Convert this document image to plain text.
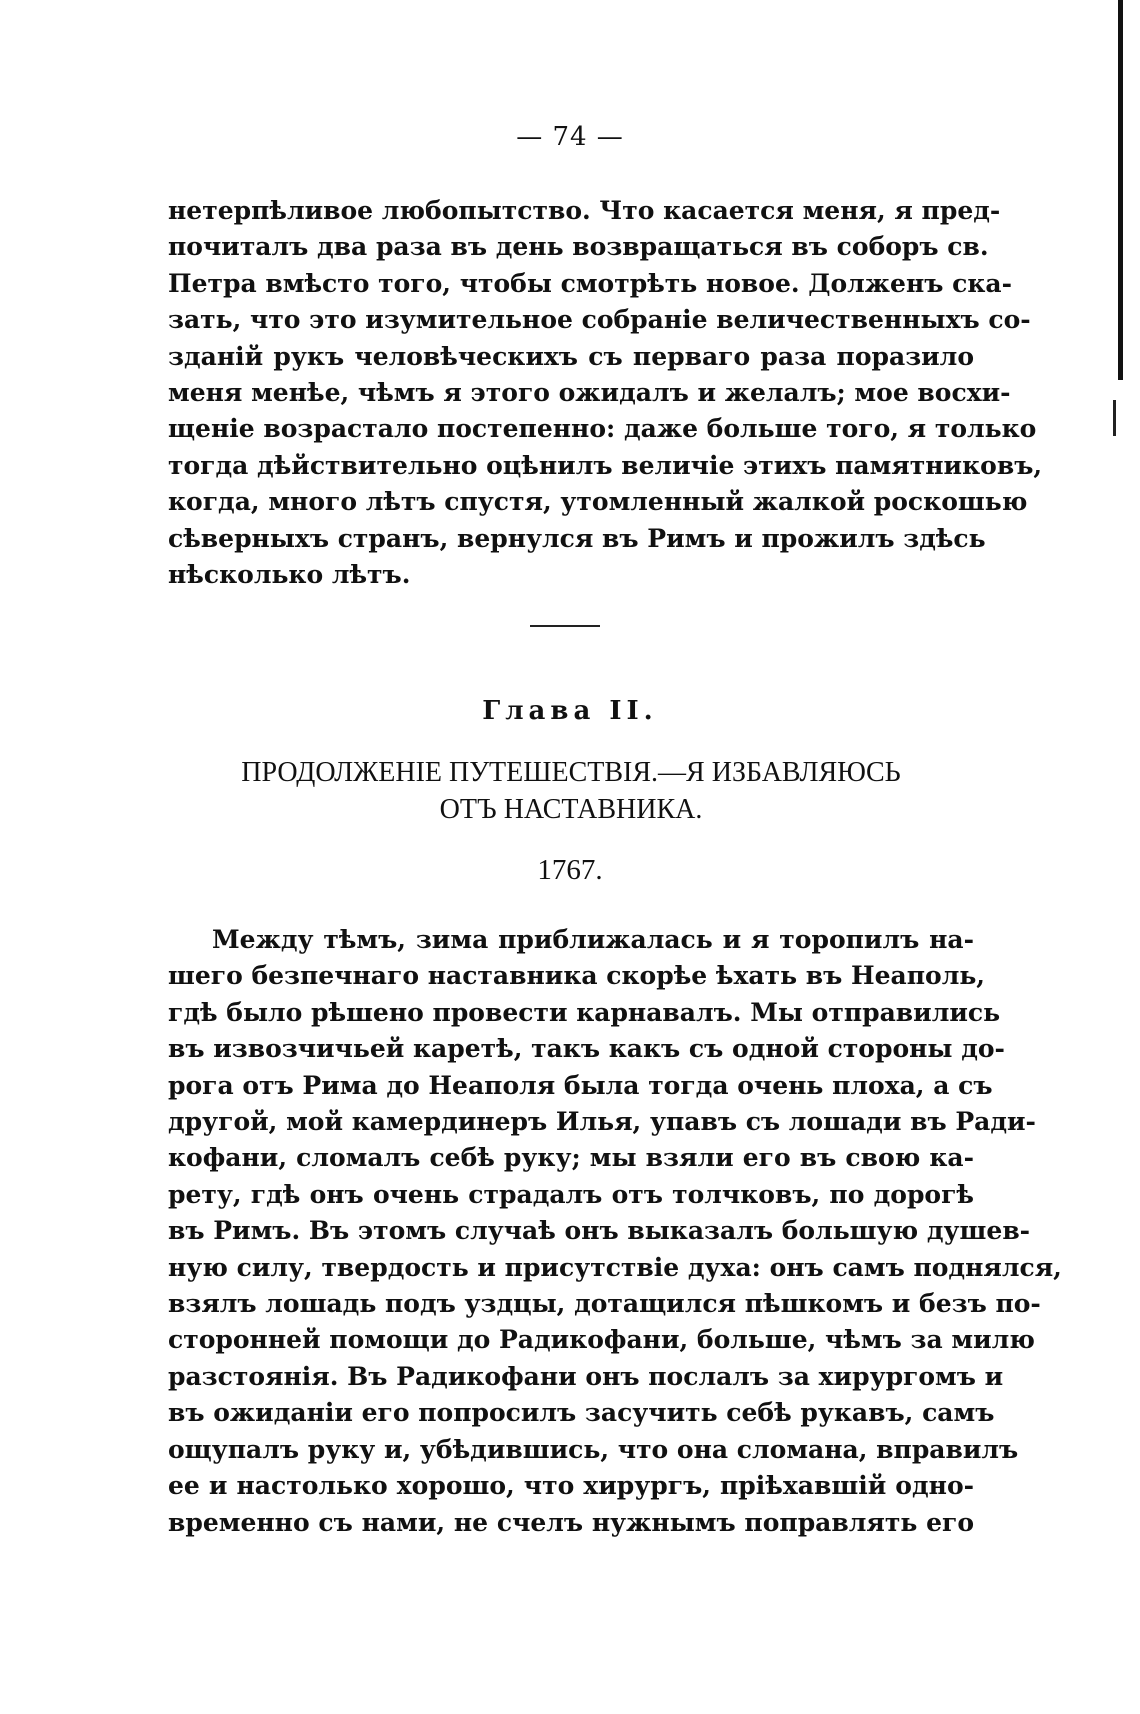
— 74 —
нетерпѣливое любопытство. Что касается меня, я пред-
почиталъ два раза въ день возвращаться въ соборъ св.
Петра вмѣсто того, чтобы смотрѣть новое. Долженъ ска-
зать, что это изумительное собраніе величественныхъ со-
зданій рукъ человѣческихъ съ перваго раза поразило
меня менѣе, чѣмъ я этого ожидалъ и желалъ; мое восхи-
щеніе возрастало постепенно: даже больше того, я только
тогда дѣйствительно оцѣнилъ величіе этихъ памятниковъ,
когда, много лѣтъ спустя, утомленный жалкой роскошью
сѣверныхъ странъ, вернулся въ Римъ и прожилъ здѣсь
нѣсколько лѣтъ.
Глава II.
ПРОДОЛЖЕНІЕ ПУТЕШЕСТВІЯ.—Я ИЗБАВЛЯЮСЬ
ОТЪ НАСТАВНИКА.
1767.
Между тѣмъ, зима приближалась и я торопилъ на-
шего безпечнаго наставника скорѣе ѣхать въ Неаполь,
гдѣ было рѣшено провести карнавалъ. Мы отправились
въ извозчичьей каретѣ, такъ какъ съ одной стороны до-
рога отъ Рима до Неаполя была тогда очень плоха, а съ
другой, мой камердинеръ Илья, упавъ съ лошади въ Ради-
кофани, сломалъ себѣ руку; мы взяли его въ свою ка-
рету, гдѣ онъ очень страдалъ отъ толчковъ, по дорогѣ
въ Римъ. Въ этомъ случаѣ онъ выказалъ большую душев-
ную силу, твердость и присутствіе духа: онъ самъ поднялся,
взялъ лошадь подъ уздцы, дотащился пѣшкомъ и безъ по-
сторонней помощи до Радикофани, больше, чѣмъ за милю
разстоянія. Въ Радикофани онъ послалъ за хирургомъ и
въ ожиданіи его попросилъ засучить себѣ рукавъ, самъ
ощупалъ руку и, убѣдившись, что она сломана, вправилъ
ее и настолько хорошо, что хирургъ, пріѣхавшій одно-
временно съ нами, не счелъ нужнымъ поправлять его
